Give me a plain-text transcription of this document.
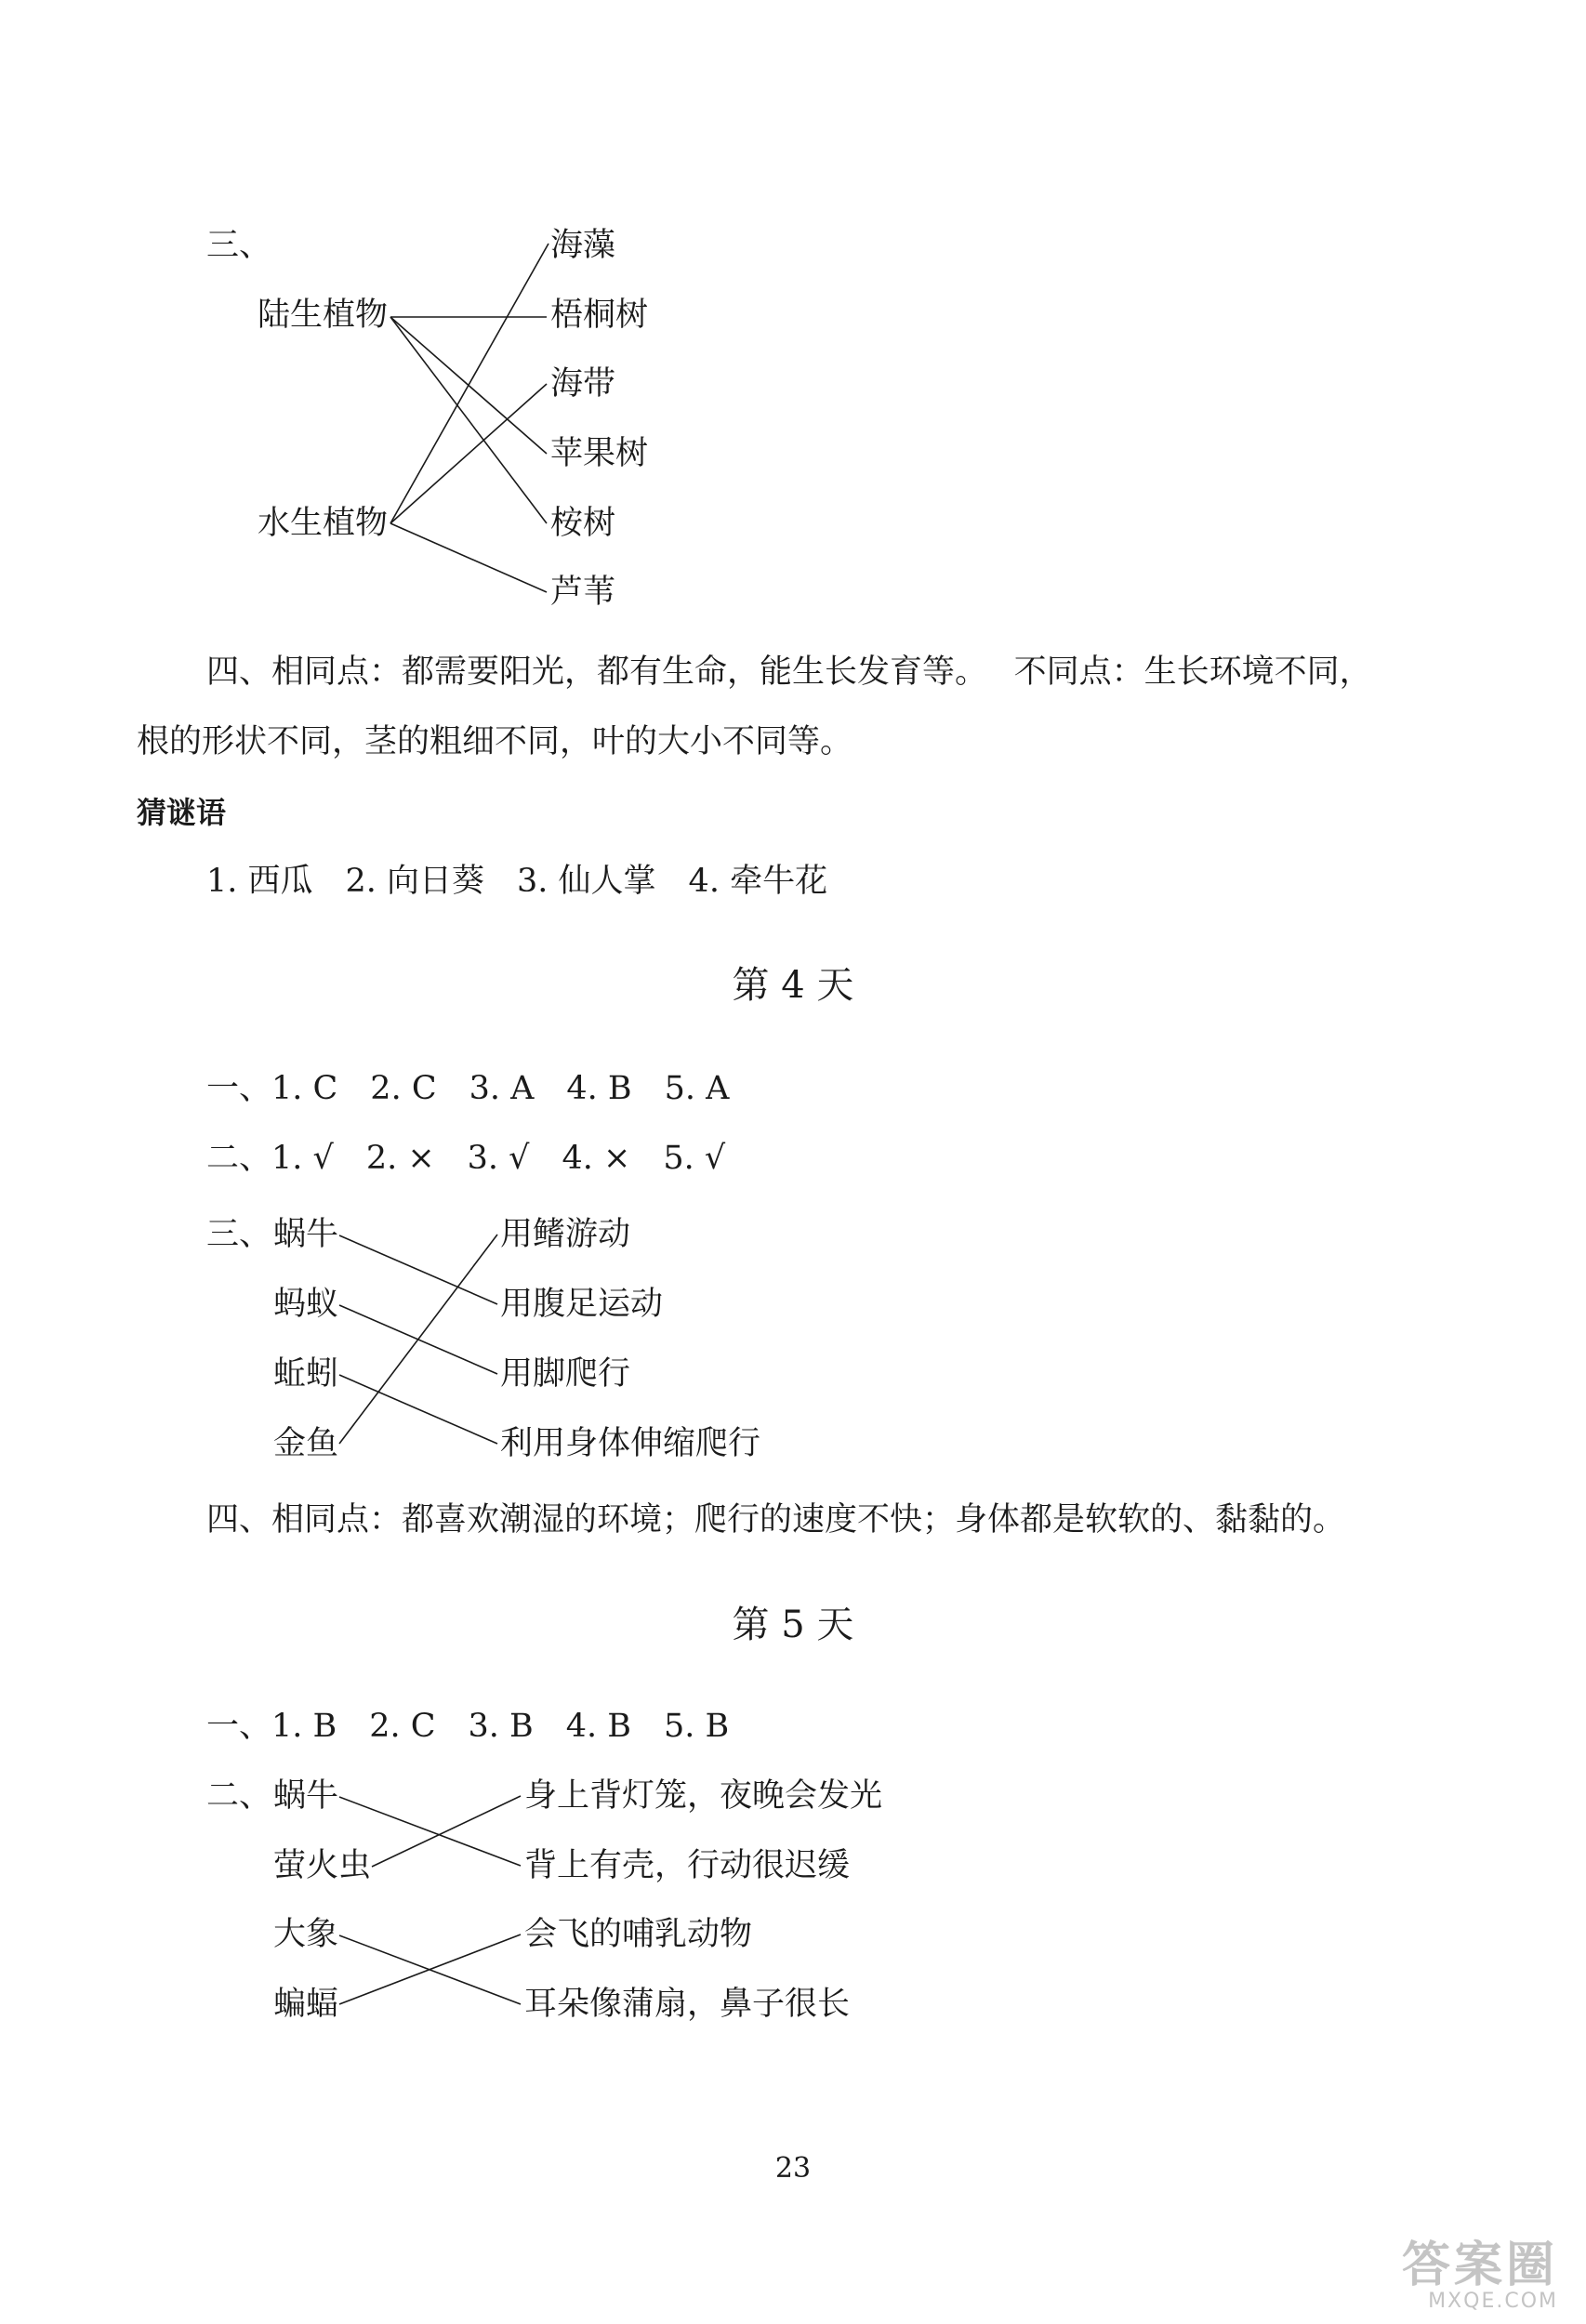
三、
陆生植物
水生植物
海藻
梧桐树
海带
苹果树
桉树
芦苇
四、相同点：都需要阳光，都有生命，能生长发育等。　 不同点：生长环境不同，
根的形状不同，茎的粗细不同，叶的大小不同等。
猜谜语
1. 西瓜　2. 向日葵　3. 仙人掌　4. 牵牛花
第 4 天
一、1. C　2. C　3. A　4. B　5. A
二、1. √　2. ×　3. √　4. ×　5. √
三、 蜗牛
蚂蚁
蚯蚓
金鱼
用鳍游动
用腹足运动
用脚爬行
利用身体伸缩爬行
四、相同点：都喜欢潮湿的环境；爬行的速度不快；身体都是软软的、黏黏的。
第 5 天
一、1. B　2. C　3. B　4. B　5. B
二、 蜗牛
萤火虫
大象
蝙蝠
身上背灯笼，夜晚会发光
背上有壳，行动很迟缓
会飞的哺乳动物
耳朵像蒲扇，鼻子很长
23
答案圈
MXQE.COM
